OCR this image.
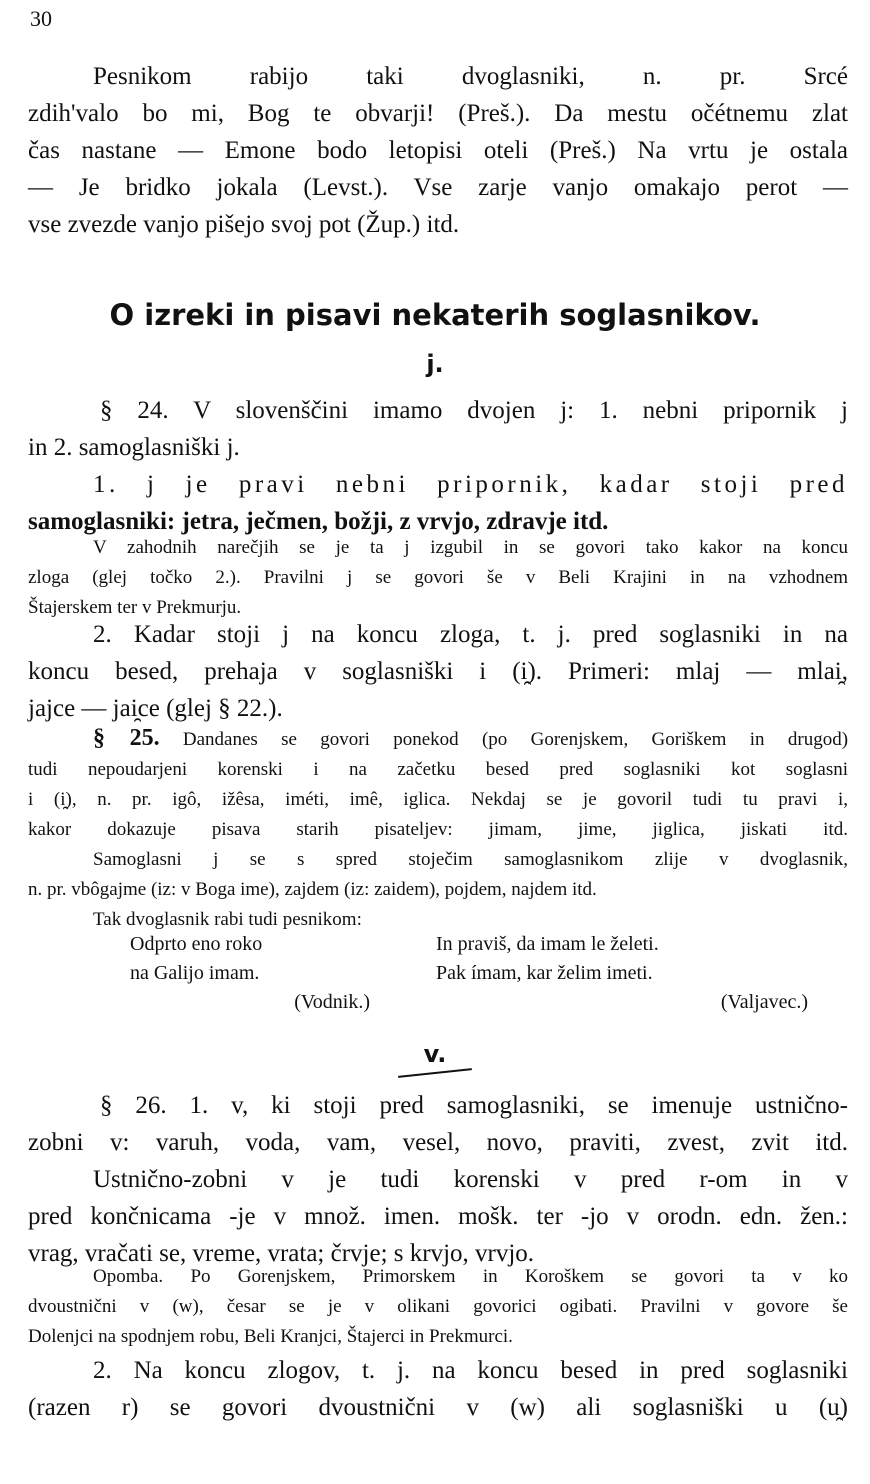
30
Pesnikom rabijo taki dvoglasniki, n. pr. Srcé
zdih'valo bo mi, Bog te obvarji! (Preš.). Da mestu očétnemu zlat
čas nastane — Emone bodo letopisi oteli (Preš.) Na vrtu je ostala
— Je bridko jokala (Levst.). Vse zarje vanjo omakajo perot —
vse zvezde vanjo pišejo svoj pot (Žup.) itd.
O izreki in pisavi nekaterih soglasnikov.
j.
§ 24. V slovenščini imamo dvojen j: 1. nebni pripornik j
in 2. samoglasniški j.
1. j je pravi nebni pripornik, kadar stoji pred
samoglasniki: jetra, ječmen, božji, z vrvjo, zdravje itd.
V zahodnih narečjih se je ta j izgubil in se govori tako kakor na koncu
zloga (glej točko 2.). Pravilni j se govori še v Beli Krajini in na vzhodnem
Štajerskem ter v Prekmurju.
2. Kadar stoji j na koncu zloga, t. j. pred soglasniki in na
koncu besed, prehaja v soglasniški i (i̯). Primeri: mlaj — mlai̯,
jajce — jai̯ce (glej § 22.).
§ 25. Dandanes se govori ponekod (po Gorenjskem, Goriškem in drugod)
tudi nepoudarjeni korenski i na začetku besed pred soglasniki kot soglasni
i (i̯), n. pr. igô, ižêsa, iméti, imê, iglica. Nekdaj se je govoril tudi tu pravi i,
kakor dokazuje pisava starih pisateljev: jimam, jime, jiglica, jiskati itd.
Samoglasni j se s spred stoječim samoglasnikom zlije v dvoglasnik,
n. pr. vbôgajme (iz: v Boga ime), zajdem (iz: zaidem), pojdem, najdem itd.
Tak dvoglasnik rabi tudi pesnikom:
Odprto eno roko
na Galijo imam.
(Vodnik.)
In praviš, da imam le želeti.
Pak ímam, kar želim imeti.
(Valjavec.)
v.
§ 26. 1. v, ki stoji pred samoglasniki, se imenuje ustnično-
zobni v: varuh, voda, vam, vesel, novo, praviti, zvest, zvit itd.
Ustnično-zobni v je tudi korenski v pred r-om in v
pred končnicama -je v množ. imen. mošk. ter -jo v orodn. edn. žen.:
vrag, vračati se, vreme, vrata; črvje; s krvjo, vrvjo.
Opomba. Po Gorenjskem, Primorskem in Koroškem se govori ta v ko
dvoustnični v (w), česar se je v olikani govorici ogibati. Pravilni v govore še
Dolenjci na spodnjem robu, Beli Kranjci, Štajerci in Prekmurci.
2. Na koncu zlogov, t. j. na koncu besed in pred soglasniki
(razen r) se govori dvoustnični v (w) ali soglasniški u (u̯)
